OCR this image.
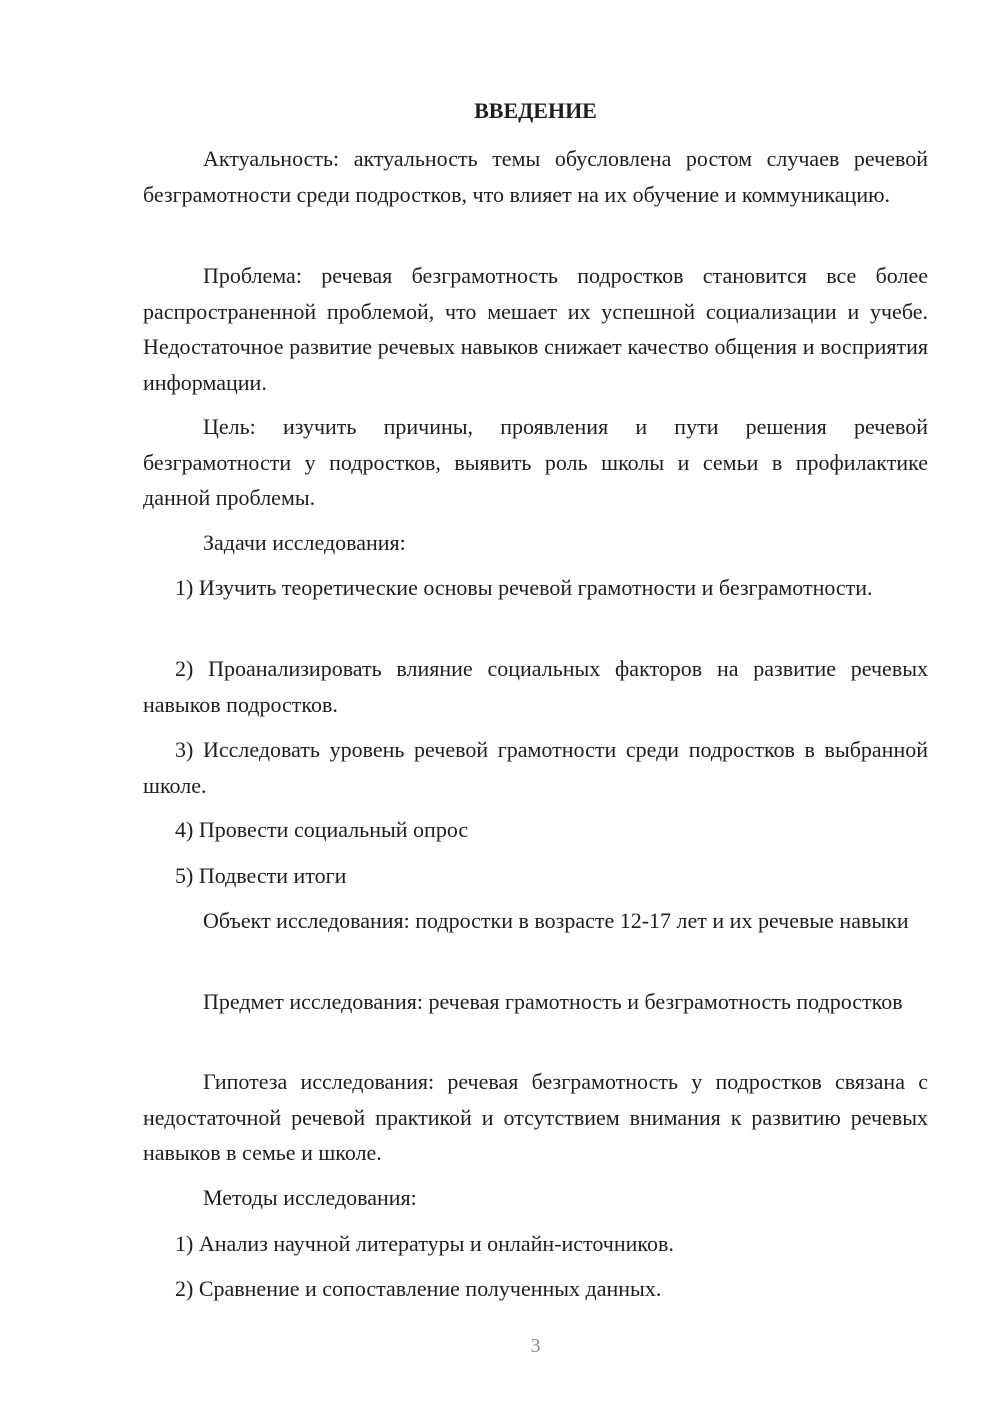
ВВЕДЕНИЕ

Актуальность: актуальность темы обусловлена ростом случаев речевой безграмотности среди подростков, что влияет на их обучение и коммуникацию.

Проблема: речевая безграмотность подростков становится все более распространенной проблемой, что мешает их успешной социализации и учебе. Недостаточное развитие речевых навыков снижает качество общения и восприятия информации.

Цель: изучить причины, проявления и пути решения речевой безграмотности у подростков, выявить роль школы и семьи в профилактике данной проблемы.

Задачи исследования:

1) Изучить теоретические основы речевой грамотности и безграмотности.

2) Проанализировать влияние социальных факторов на развитие речевых навыков подростков.

3) Исследовать уровень речевой грамотности среди подростков в выбранной школе.

4) Провести социальный опрос

5) Подвести итоги

Объект исследования: подростки в возрасте 12-17 лет и их речевые навыки

Предмет исследования: речевая грамотность и безграмотность подростков

Гипотеза исследования: речевая безграмотность у подростков связана с недостаточной речевой практикой и отсутствием внимания к развитию речевых навыков в семье и школе.

Методы исследования:

1) Анализ научной литературы и онлайн-источников.

2) Сравнение и сопоставление полученных данных.

3
